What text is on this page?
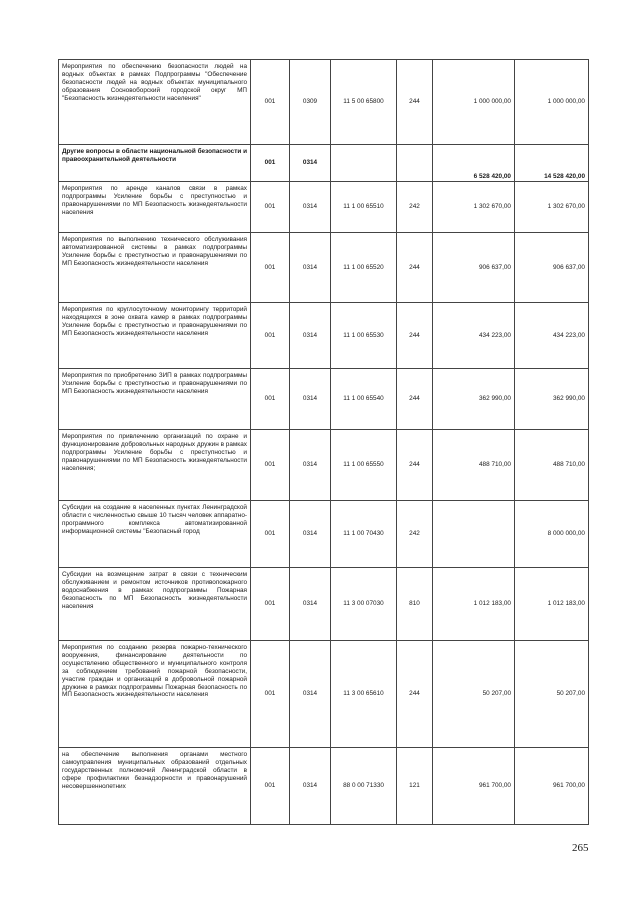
Мероприятия по обеспечению безопасности людей на водных объектах в рамках Подпрограммы "Обеспечение безопасности людей на водных объектах муниципального образования Сосновоборский городской округ МП "Безопасность жизнедеятельности населения"	001	0309	11 5 00 65800	244	1 000 000,00	1 000 000,00
Другие вопросы в области национальной безопасности и правоохранительной деятельности	001	0314			6 528 420,00	14 528 420,00
Мероприятия по аренде каналов связи в рамках подпрограммы Усиление борьбы с преступностью и правонарушениями по МП Безопасность жизнедеятельности населения	001	0314	11 1 00 65510	242	1 302 670,00	1 302 670,00
Мероприятия по выполнению технического обслуживания автоматизированной системы в рамках подпрограммы Усиление борьбы с преступностью и правонарушениями по МП Безопасность жизнедеятельности населения	001	0314	11 1 00 65520	244	906 637,00	906 637,00
Мероприятия по круглосуточному мониторингу территорий находящихся в зоне охвата камер в рамках подпрограммы Усиление борьбы с преступностью и правонарушениями по МП Безопасность жизнедеятельности населения	001	0314	11 1 00 65530	244	434 223,00	434 223,00
Мероприятия по приобретению ЗИП в рамках подпрограммы Усиление борьбы с преступностью и правонарушениями по МП Безопасность жизнедеятельности населения	001	0314	11 1 00 65540	244	362 990,00	362 990,00
Мероприятия по привлечению организаций по охране и функционирование добровольных народных дружин в рамках подпрограммы Усиление борьбы с преступностью и правонарушениями по МП Безопасность жизнедеятельности населения;	001	0314	11 1 00 65550	244	488 710,00	488 710,00
Субсидии на создание в населенных пунктах Ленинградской области с численностью свыше 10 тысяч человек аппаратно-программного комплекса автоматизированной информационной системы "Безопасный город	001	0314	11 1 00 70430	242		8 000 000,00
Субсидии на возмещение затрат в связи с техническим обслуживанием и ремонтом источников противопожарного водоснабжения в рамках подпрограммы Пожарная безопасность по МП Безопасность жизнедеятельности населения	001	0314	11 3 00 07030	810	1 012 183,00	1 012 183,00
Мероприятия по созданию резерва пожарно-технического вооружения, финансирование деятельности по осуществлению общественного и муниципального контроля за соблюдением требований пожарной безопасности, участие граждан и организаций в добровольной пожарной дружине в рамках подпрограммы Пожарная безопасность по МП Безопасность жизнедеятельности населения	001	0314	11 3 00 65610	244	50 207,00	50 207,00
на обеспечение выполнения органами местного самоуправления муниципальных образований отдельных государственных полномочий Ленинградской области в сфере профилактики безнадзорности и правонарушений несовершеннолетних	001	0314	88 0 00 71330	121	961 700,00	961 700,00
265
